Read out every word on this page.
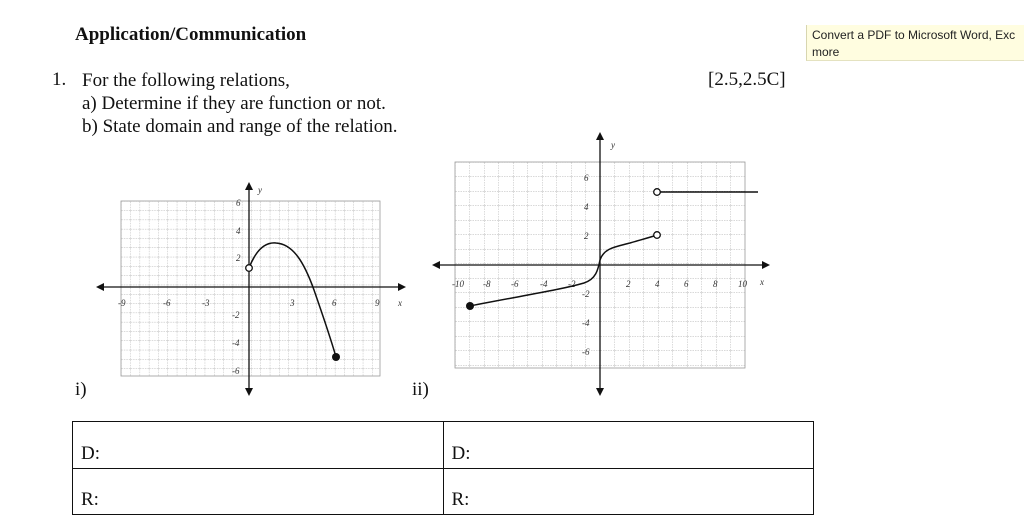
Application/Communication
1. For the following relations,
a) Determine if they are function or not.
b) State domain and range of the relation.
[2.5,2.5C]
Convert a PDF to Microsoft Word, Exc
more
-9	-6	-3	3	6	9
6
4
2
-2
-4
-6
y
x
i)
-10 -8 -6 -4 -2	2	4	6	8 10
6
4
2
-2
-4
-6
y
x
ii)
D:	D:
R:	R:
